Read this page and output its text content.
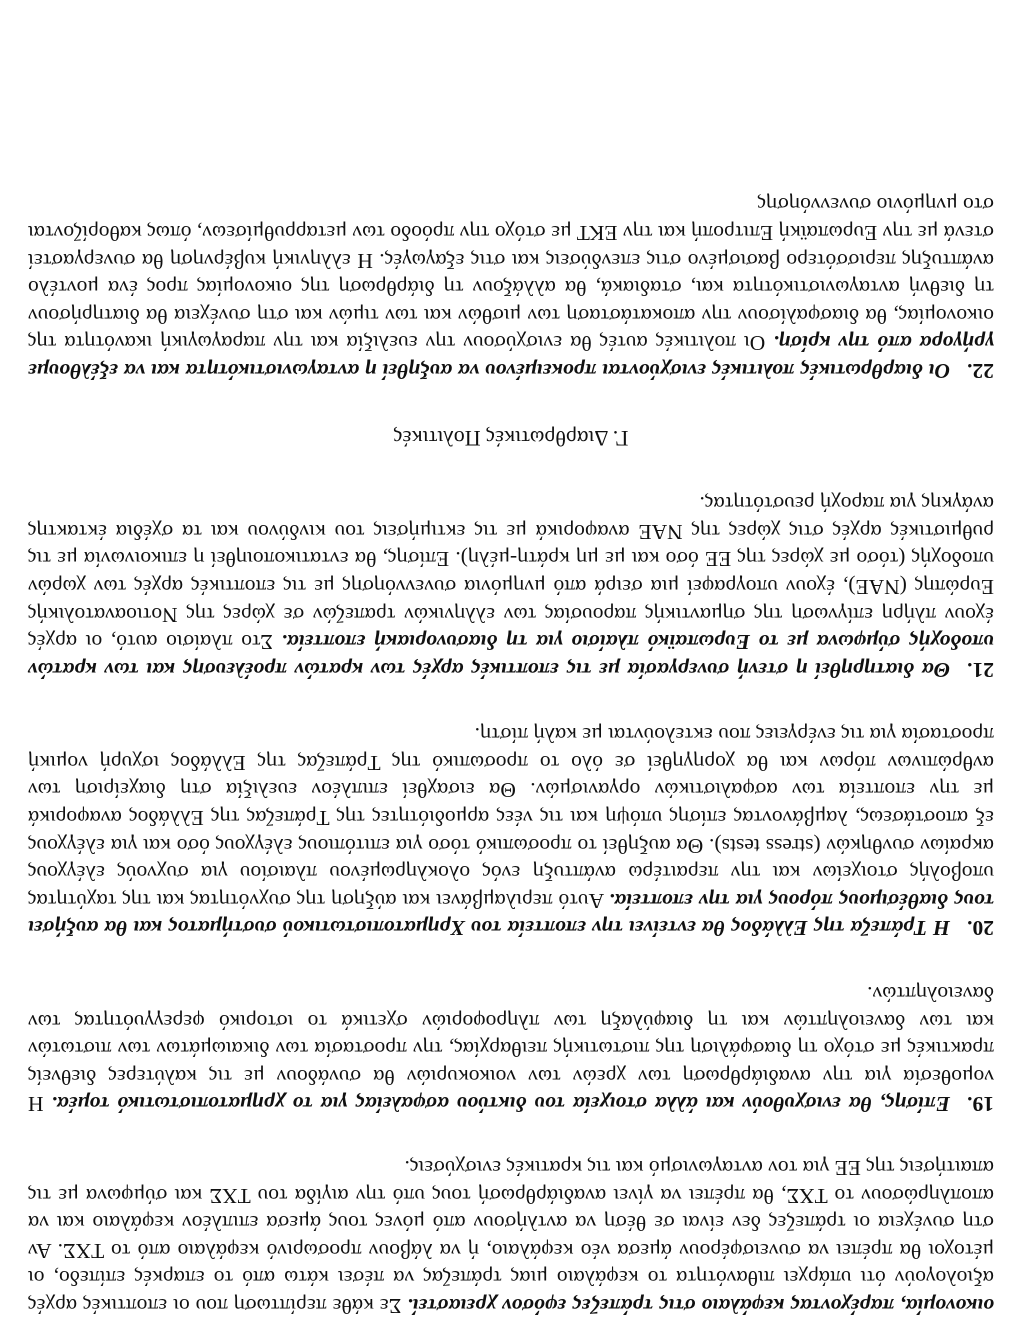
οικονομία, παρέχοντας κεφάλαιο στις τράπεζες εφόσον χρειαστεί. Σε κάθε περίπτωση που οι εποπτικές αρχές αξιολογούν ότι υπάρχει πιθανότητα το κεφάλαιο μιας τράπεζας να πέσει κάτω από το επαρκές επίπεδο, οι μέτοχοι θα πρέπει να συνεισφέρουν άμεσα νέο κεφάλαιο, ή να λάβουν προσωρινό κεφάλαιο από το ΤΧΣ. Αν στη συνέχεια οι τράπεζες δεν είναι σε θέση να αντλήσουν από μόνες τους άμεσα επιπλέον κεφάλαιο και να αποπληρώσουν το ΤΧΣ, θα πρέπει να γίνει αναδιάρθρωσή τους υπό την αιγίδα του ΤΧΣ και σύμφωνα με τις απαιτήσεις της ΕΕ για τον ανταγωνισμό και τις κρατικές ενισχύσεις.

19.Επίσης, θα ενισχυθούν και άλλα στοιχεία του δικτύου ασφαλείας για το χρηματοπιστωτικό τομέα. Η νομοθεσία για την αναδιάρθρωση των χρεών των νοικοκυριών θα συνάδουν με τις καλύτερες διεθνείς πρακτικές με στόχο τη διασφάλιση της πιστωτικής πειθαρχίας, την προστασία των δικαιωμάτων των πιστωτών και των δανειοληπτών και τη διαφύλαξη των πληροφοριών σχετικά το ιστορικό φερεγγυότητας των δανειοληπτών.

20.Η Τράπεζα της Ελλάδος θα εντείνει την εποπτεία του Χρηματοπιστωτικού συστήματος και θα αυξήσει τους διαθέσιμους πόρους για την εποπτεία. Αυτό περιλαμβάνει και αύξηση της συχνότητας και της ταχύτητας υποβολής στοιχείων και την περαιτέρω ανάπτυξη ενός ολοκληρωμένου πλαισίου για συχνούς ελέγχους ακραίων συνθηκών (stress tests). Θα αυξηθεί το προσωπικό τόσο για επιτόπιους ελέγχους όσο και για ελέγχους εξ αποστάσεως, λαμβάνοντας επίσης υπόψη και τις νέες αρμοδιότητες της Τράπεζας της Ελλάδος αναφορικά με την εποπτεία των ασφαλιστικών οργανισμών. Θα εισαχθεί επιπλέον ευελιξία στη διαχείριση των ανθρώπινων πόρων και θα χορηγηθεί σε όλο το προσωπικό της Τράπεζας της Ελλάδος ισχυρή νομική προστασία για τις ενέργειες που εκτελούνται με καλή πίστη.

21.Θα διατηρηθεί η στενή συνεργασία με τις εποπτικές αρχές των κρατών προέλευσης και των κρατών υποδοχής σύμφωνα με το Ευρωπαϊκό πλαίσιο για τη διασυνοριακή εποπτεία. Στο πλαίσιο αυτό, οι αρχές έχουν πλήρη επίγνωση της σημαντικής παρουσίας των ελληνικών τραπεζών σε χώρες της Νοτιοανατολικής Ευρώπης (ΝΑΕ), έχουν υπογραφεί μια σειρά από μνημόνια συνεννόησης με τις εποπτικές αρχές των χωρών υποδοχής (τόσο με χώρες της ΕΕ όσο και με μη κράτη-μέλη). Επίσης, θα εντατικοποιηθεί η επικοινωνία με τις ρυθμιστικές αρχές στις χώρες της ΝΑΕ αναφορικά με τις εκτιμήσεις του κινδύνου και τα σχέδια έκτακτης ανάγκης για παροχή ρευστότητας.

Γ. Διαρθρωτικές Πολιτικές

22.Οι διαρθρωτικές πολιτικές ενισχύονται προκειμένου να αυξηθεί η ανταγωνιστικότητα και να εξέλθουμε γρήγορα από την κρίση. Οι πολιτικές αυτές θα ενισχύσουν την ευελιξία και την παραγωγική ικανότητα της οικονομίας, θα διασφαλίσουν την αποκατάσταση των μισθών και των τιμών και στη συνέχεια θα διατηρήσουν τη διεθνή ανταγωνιστικότητα και, σταδιακά, θα αλλάξουν τη διάρθρωση της οικονομίας προς ένα μοντέλο ανάπτυξης περισσότερο βασισμένο στις επενδύσεις και στις εξαγωγές. Η ελληνική κυβέρνηση θα συνεργαστεί στενά με την Ευρωπαϊκή Επιτροπή και την ΕΚΤ με στόχο την πρόοδο των μεταρρυθμίσεων, όπως καθορίζονται στο μνημόνιο συνεννόησης
